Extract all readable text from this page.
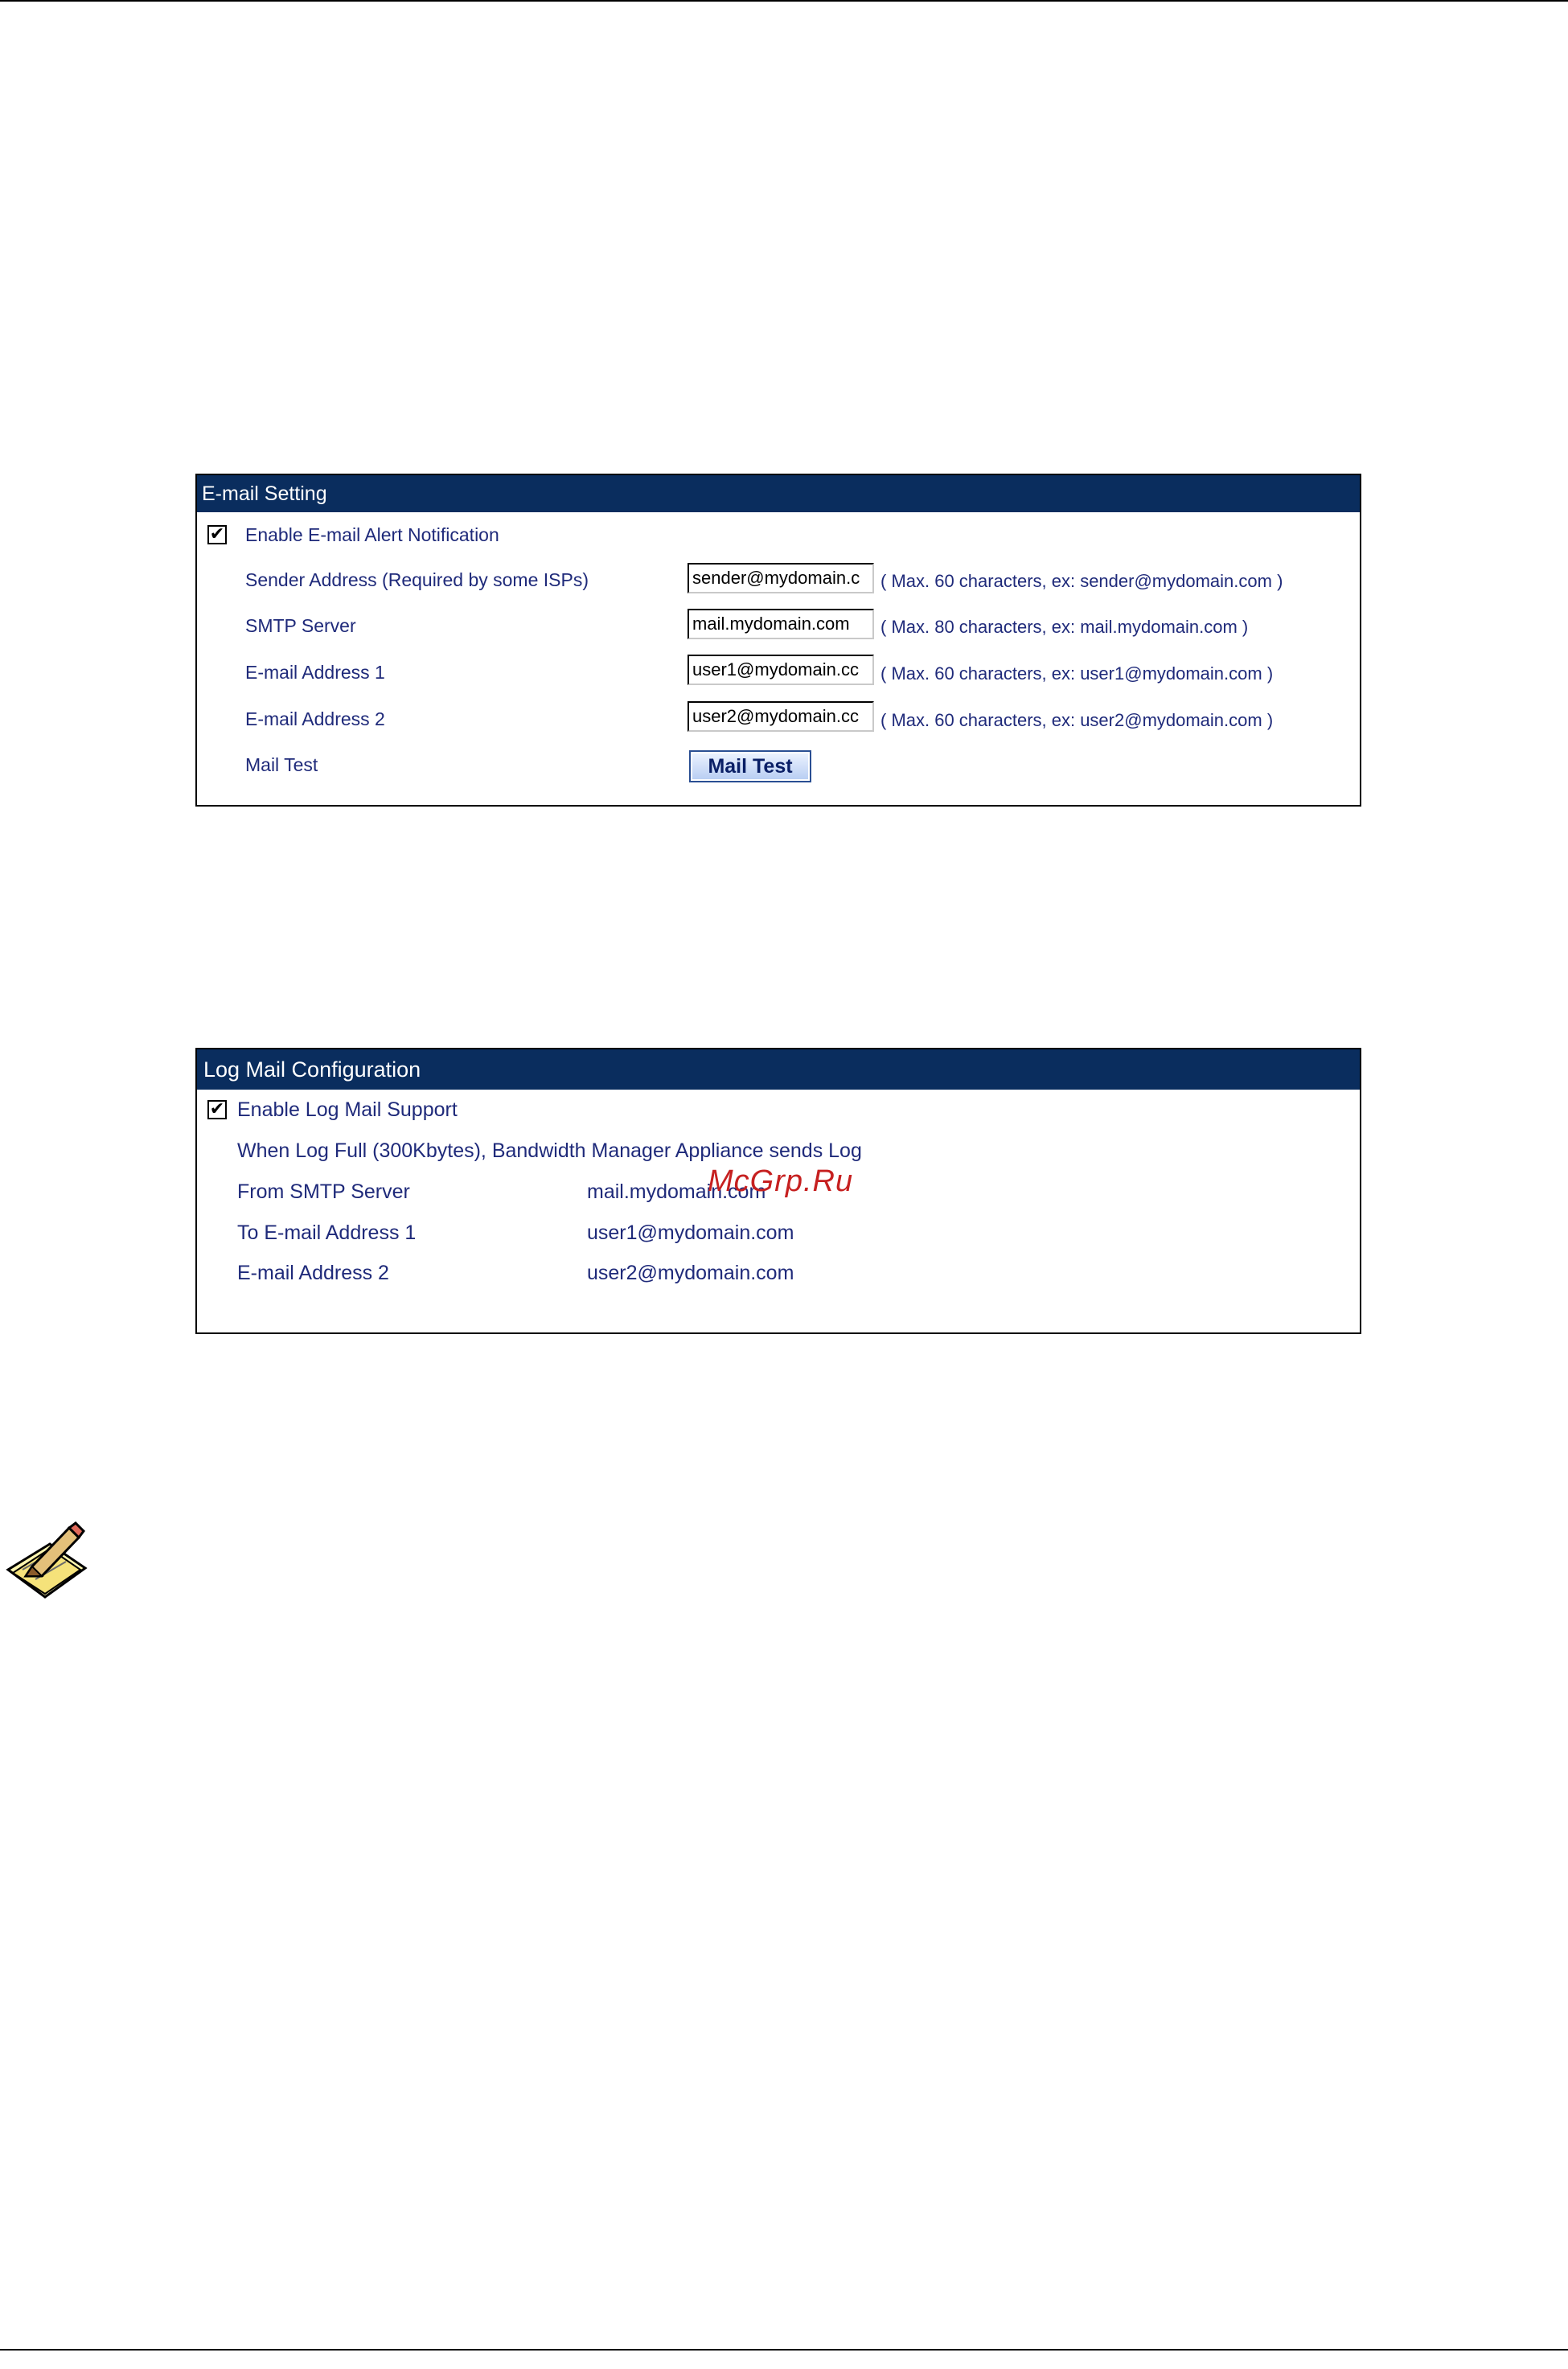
E-mail Setting
✔ Enable E-mail Alert Notification
Sender Address (Required by some ISPs)	sender@mydomain.c	( Max. 60 characters, ex: sender@mydomain.com )
SMTP Server	mail.mydomain.com	( Max. 80 characters, ex: mail.mydomain.com )
E-mail Address 1	user1@mydomain.cc	( Max. 60 characters, ex: user1@mydomain.com )
E-mail Address 2	user2@mydomain.cc	( Max. 60 characters, ex: user2@mydomain.com )
Mail Test	Mail Test
Log Mail Configuration
✔ Enable Log Mail Support
When Log Full (300Kbytes), Bandwidth Manager Appliance sends Log
From SMTP Server	mail.mydomain.com
To E-mail Address 1	user1@mydomain.com
E-mail Address 2	user2@mydomain.com
McGrp.Ru
